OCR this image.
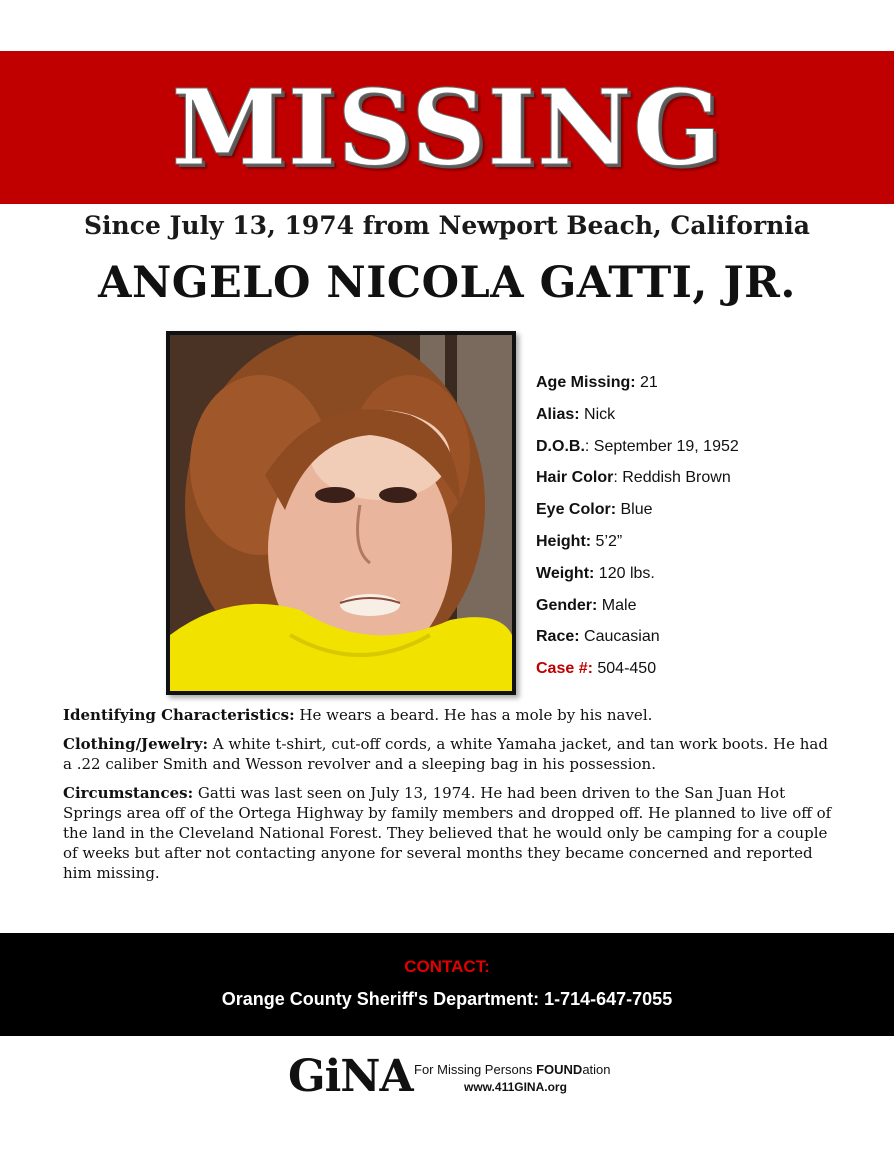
MISSING
Since July 13, 1974 from Newport Beach, California
ANGELO NICOLA GATTI, JR.
Age Missing: 21
Alias: Nick
D.O.B.: September 19, 1952
Hair Color: Reddish Brown
Eye Color: Blue
Height: 5’2”
Weight: 120 lbs.
Gender: Male
Race: Caucasian
Case #: 504-450

Identifying Characteristics: He wears a beard. He has a mole by his navel.

Clothing/Jewelry: A white t-shirt, cut-off cords, a white Yamaha jacket, and tan work boots. He had a .22 caliber Smith and Wesson revolver and a sleeping bag in his possession.

Circumstances: Gatti was last seen on July 13, 1974. He had been driven to the San Juan Hot Springs area off of the Ortega Highway by family members and dropped off. He planned to live off of the land in the Cleveland National Forest. They believed that he would only be camping for a couple of weeks but after not contacting anyone for several months they became concerned and reported him missing.

CONTACT:
Orange County Sheriff's Department: 1-714-647-7055
GiNA For Missing Persons FOUNDation
www.411GINA.org
